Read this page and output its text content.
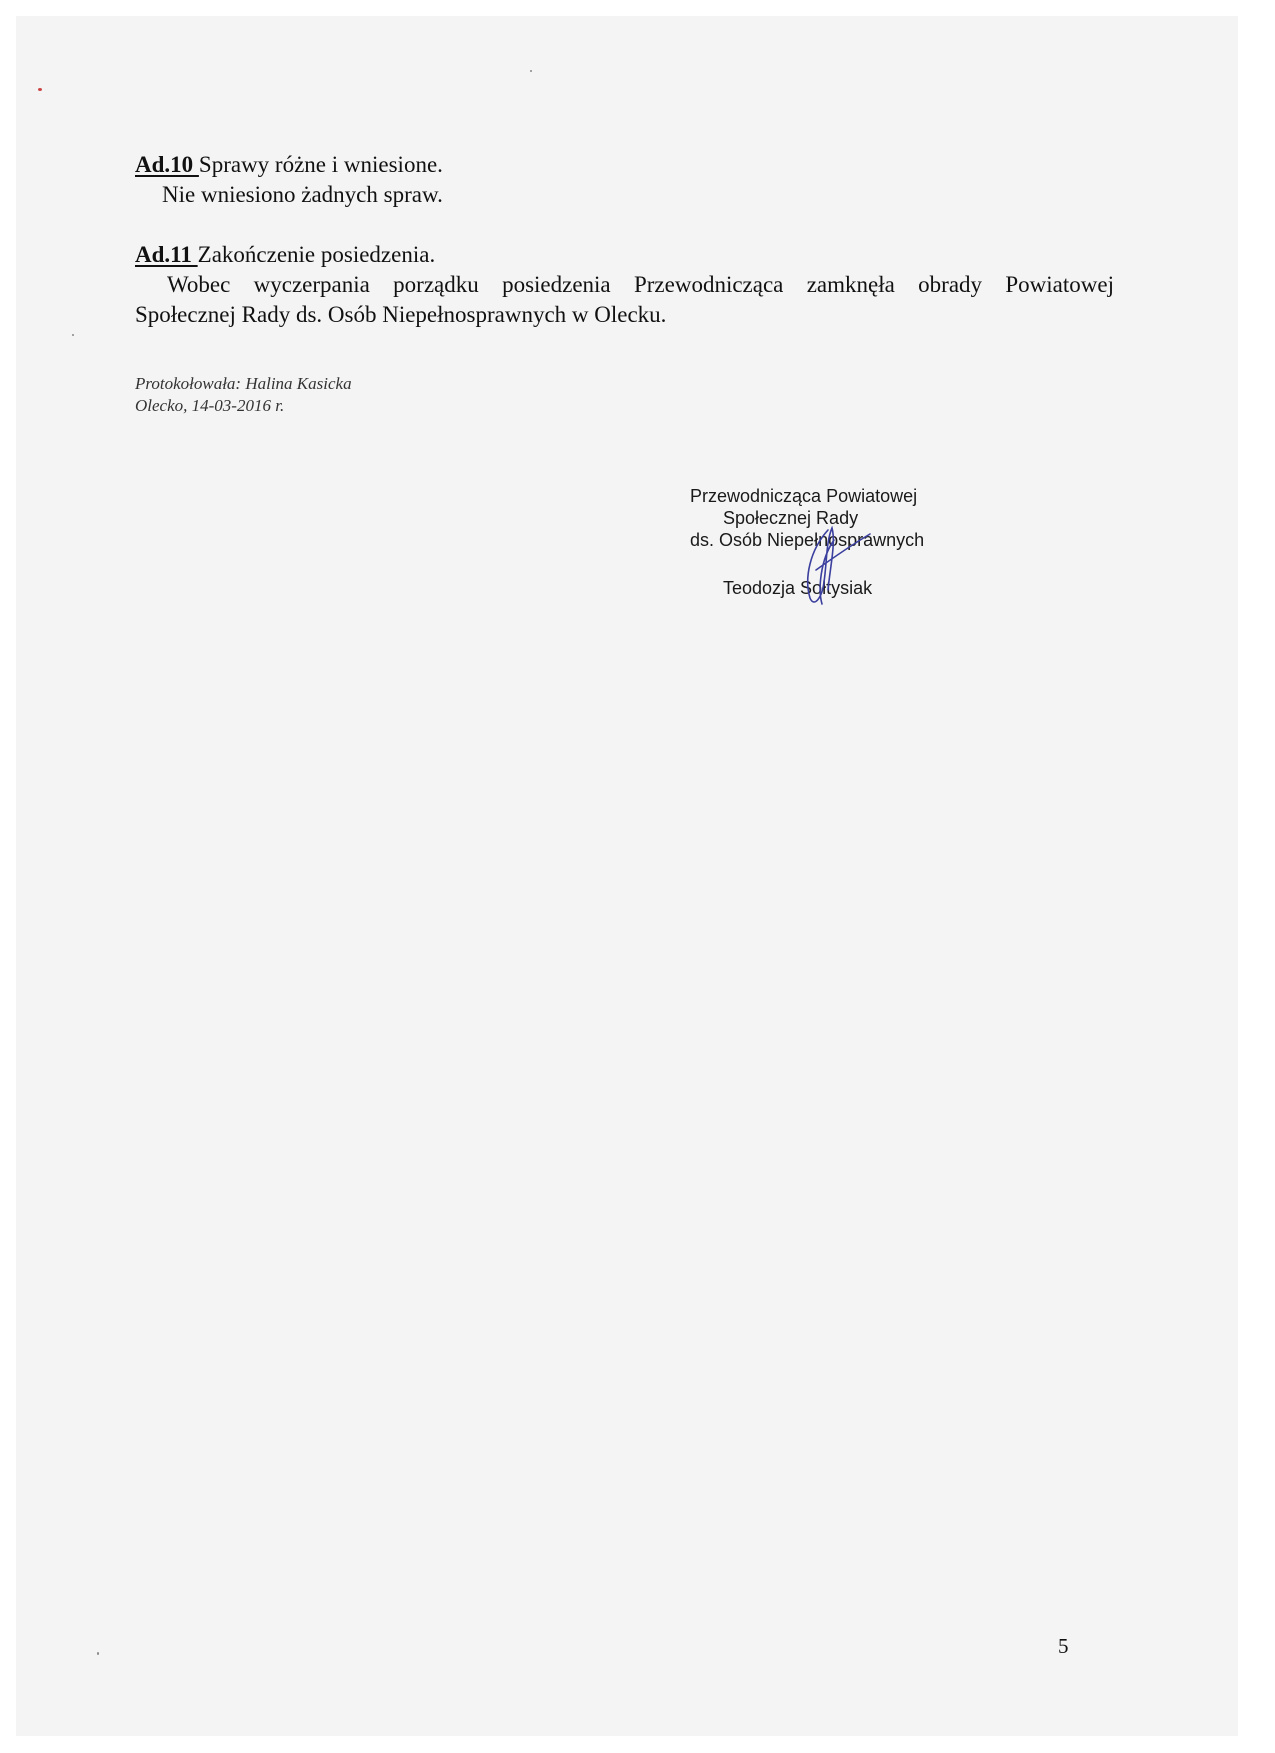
Ad.10 Sprawy różne i wniesione.
Nie wniesiono żadnych spraw.
Ad.11 Zakończenie posiedzenia.
Wobec wyczerpania porządku posiedzenia Przewodnicząca zamknęła obrady Powiatowej
Społecznej Rady ds. Osób Niepełnosprawnych w Olecku.
Protokołowała: Halina Kasicka
Olecko, 14-03-2016 r.
Przewodnicząca Powiatowej
Społecznej Rady
ds. Osób Niepełnosprawnych
Teodozja Sołtysiak
5
